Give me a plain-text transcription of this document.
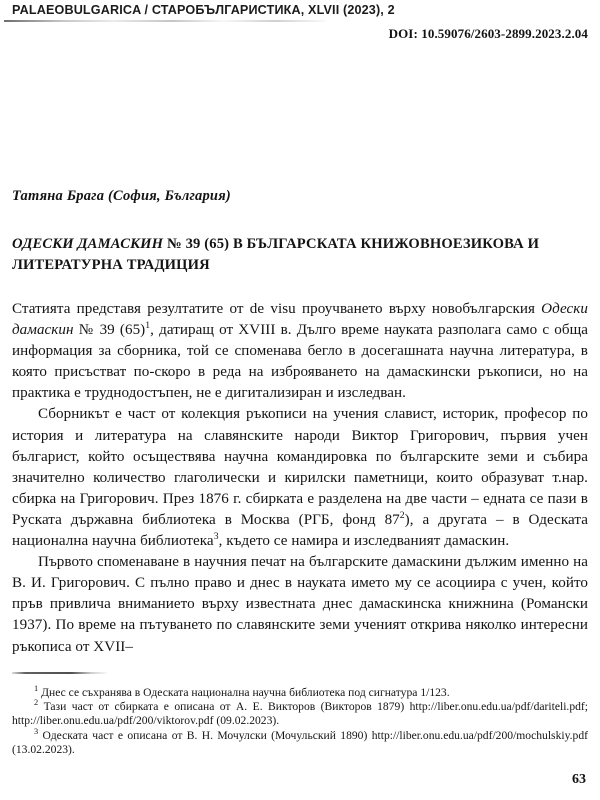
PALAEOBULGARICA / СТАРОБЪЛГАРИСТИКА, XLVII (2023), 2
DOI: 10.59076/2603-2899.2023.2.04
Татяна Брага (София, България)
ОДЕСКИ ДАМАСКИН № 39 (65) В БЪЛГАРСКАТА КНИЖОВНОЕЗИКОВА И ЛИТЕРАТУРНА ТРАДИЦИЯ

Статията представя резултатите от de visu проучването върху новобългарския Одески дамаскин № 39 $(65)^1$, датиращ от XVIII в. Дълго време науката разполага само с обща информация за сборника, той се споменава бегло в досегашната научна литература, в която присъстват по-скоро в реда на изброяването на дамаскински ръкописи, но на практика е труднодостъпен, не е дигитализиран и изследван.

Сборникът е част от колекция ръкописи на учения славист, историк, професор по история и литература на славянските народи Виктор Григорович, първия учен българист, който осъществява научна командировка по българските земи и събира значително количество глаголически и кирилски паметници, които образуват т.нар. сбирка на Григорович. През 1876 г. сбирката е разделена на две части – едната се пази в Руската държавна библиотека в Москва (РГБ, фонд $87^2$), а другата – в Одеската национална научна библиотека$^3$, където се намира и изследваният дамаскин.

Първото споменаване в научния печат на българските дамаскини дължим именно на В. И. Григорович. С пълно право и днес в науката името му се асоциира с учен, който пръв привлича вниманието върху известната днес дамаскинска книжнина (Романски 1937). По време на пътуването по славянските земи ученият открива няколко интересни ръкописа от XVII–

$^1$ Днес се съхранява в Одеската национална научна библиотека под сигнатура 1/123.

$^2$ Тази част от сбирката е описана от А. Е. Викторов (Викторов 1879) http://liber.onu.edu.ua/pdf/dariteli.pdf; http://liber.onu.edu.ua/pdf/200/viktorov.pdf (09.02.2023).

$^3$ Одеската част е описана от В. Н. Мочулски (Мочульский 1890) http://liber.onu.edu.ua/pdf/200/mochulskiy.pdf (13.02.2023).

63
